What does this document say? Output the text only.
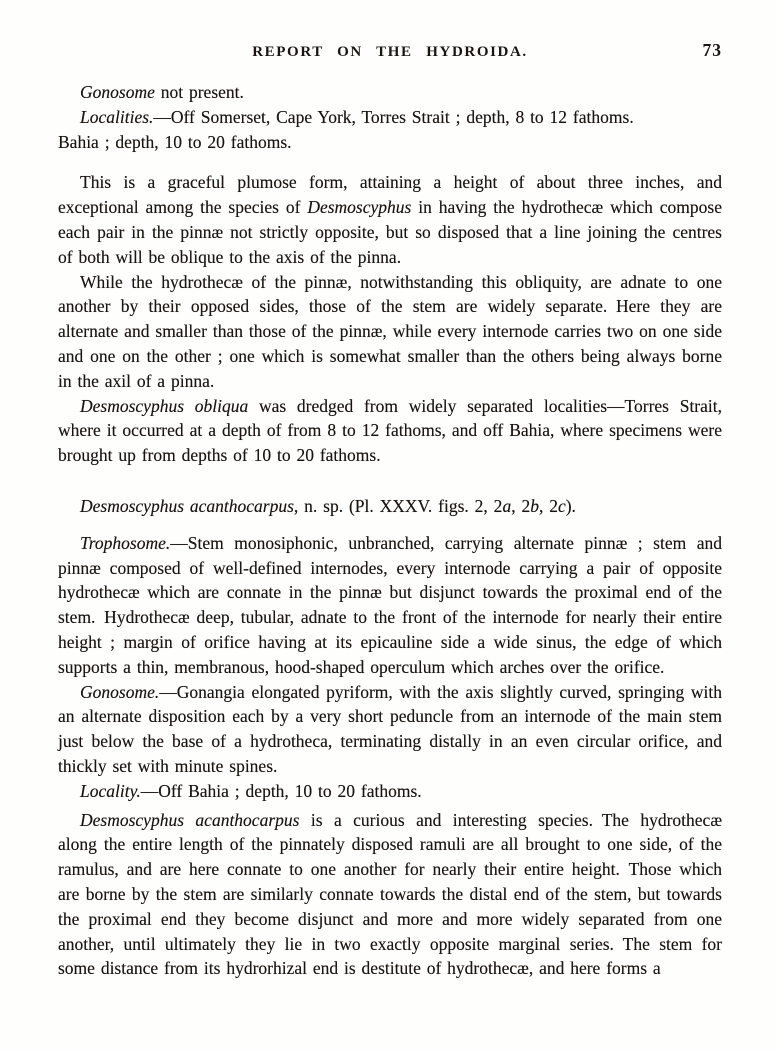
REPORT ON THE HYDROIDA.	73

Gonosome not present.

Localities.—Off Somerset, Cape York, Torres Strait ; depth, 8 to 12 fathoms.

Bahia ; depth, 10 to 20 fathoms.

This is a graceful plumose form, attaining a height of about three inches, and exceptional among the species of Desmoscyphus in having the hydrothecæ which compose each pair in the pinnæ not strictly opposite, but so disposed that a line joining the centres of both will be oblique to the axis of the pinna.

While the hydrothecæ of the pinnæ, notwithstanding this obliquity, are adnate to one another by their opposed sides, those of the stem are widely separate. Here they are alternate and smaller than those of the pinnæ, while every internode carries two on one side and one on the other ; one which is somewhat smaller than the others being always borne in the axil of a pinna.

Desmoscyphus obliqua was dredged from widely separated localities—Torres Strait, where it occurred at a depth of from 8 to 12 fathoms, and off Bahia, where specimens were brought up from depths of 10 to 20 fathoms.

Desmoscyphus acanthocarpus, n. sp. (Pl. XXXV. figs. 2, 2a, 2b, 2c).

Trophosome.—Stem monosiphonic, unbranched, carrying alternate pinnæ ; stem and pinnæ composed of well-defined internodes, every internode carrying a pair of opposite hydrothecæ which are connate in the pinnæ but disjunct towards the proximal end of the stem. Hydrothecæ deep, tubular, adnate to the front of the internode for nearly their entire height ; margin of orifice having at its epicauline side a wide sinus, the edge of which supports a thin, membranous, hood-shaped operculum which arches over the orifice.

Gonosome.—Gonangia elongated pyriform, with the axis slightly curved, springing with an alternate disposition each by a very short peduncle from an internode of the main stem just below the base of a hydrotheca, terminating distally in an even circular orifice, and thickly set with minute spines.

Locality.—Off Bahia ; depth, 10 to 20 fathoms.

Desmoscyphus acanthocarpus is a curious and interesting species. The hydrothecæ along the entire length of the pinnately disposed ramuli are all brought to one side, of the ramulus, and are here connate to one another for nearly their entire height. Those which are borne by the stem are similarly connate towards the distal end of the stem, but towards the proximal end they become disjunct and more and more widely separated from one another, until ultimately they lie in two exactly opposite marginal series. The stem for some distance from its hydrorhizal end is destitute of hydrothecæ, and here forms a
